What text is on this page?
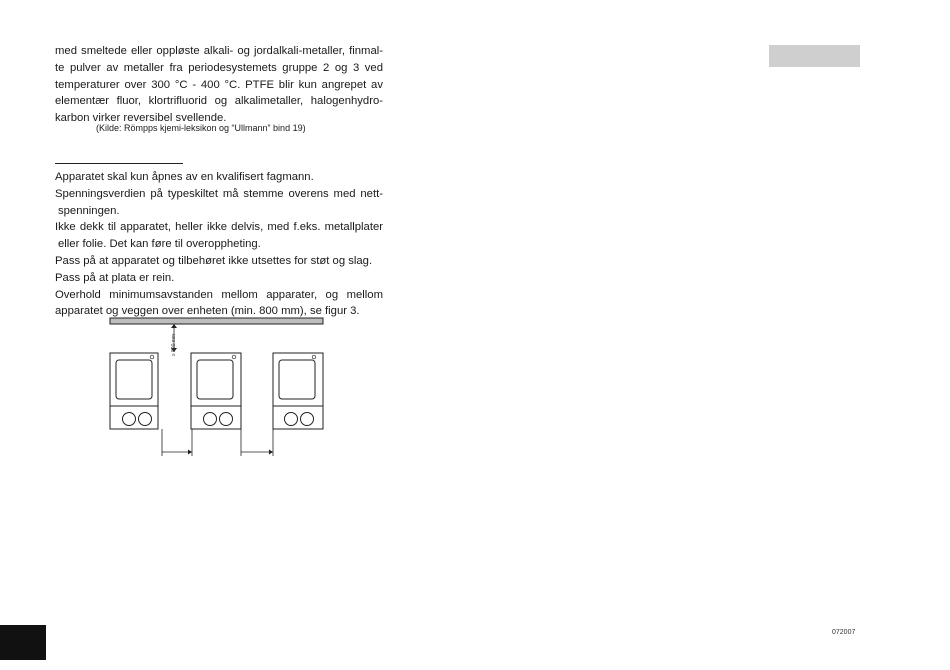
med smeltede eller oppløste alkali- og jordalkali-metaller, finmal-
te pulver av metaller fra periodesystemets gruppe 2 og 3 ved
temperaturer over 300 °C - 400 °C. PTFE blir kun angrepet av
elementær fluor, klortrifluorid og alkalimetaller, halogenhydro-
karbon virker reversibel svellende.
(Kilde: Römpps kjemi-leksikon og “Ullmann” bind 19)
Apparatet skal kun åpnes av en kvalifisert fagmann.
Spenningsverdien på typeskiltet må stemme overens med nett-
spenningen.
Ikke dekk til apparatet, heller ikke delvis, med f.eks. metallplater
eller folie. Det kan føre til overoppheting.
Pass på at apparatet og tilbehøret ikke utsettes for støt og slag.
Pass på at plata er rein.
Overhold minimumsavstanden mellom apparater, og mellom
apparatet og veggen over enheten (min. 800 mm), se figur 3.
≥ 800 mm
072007
